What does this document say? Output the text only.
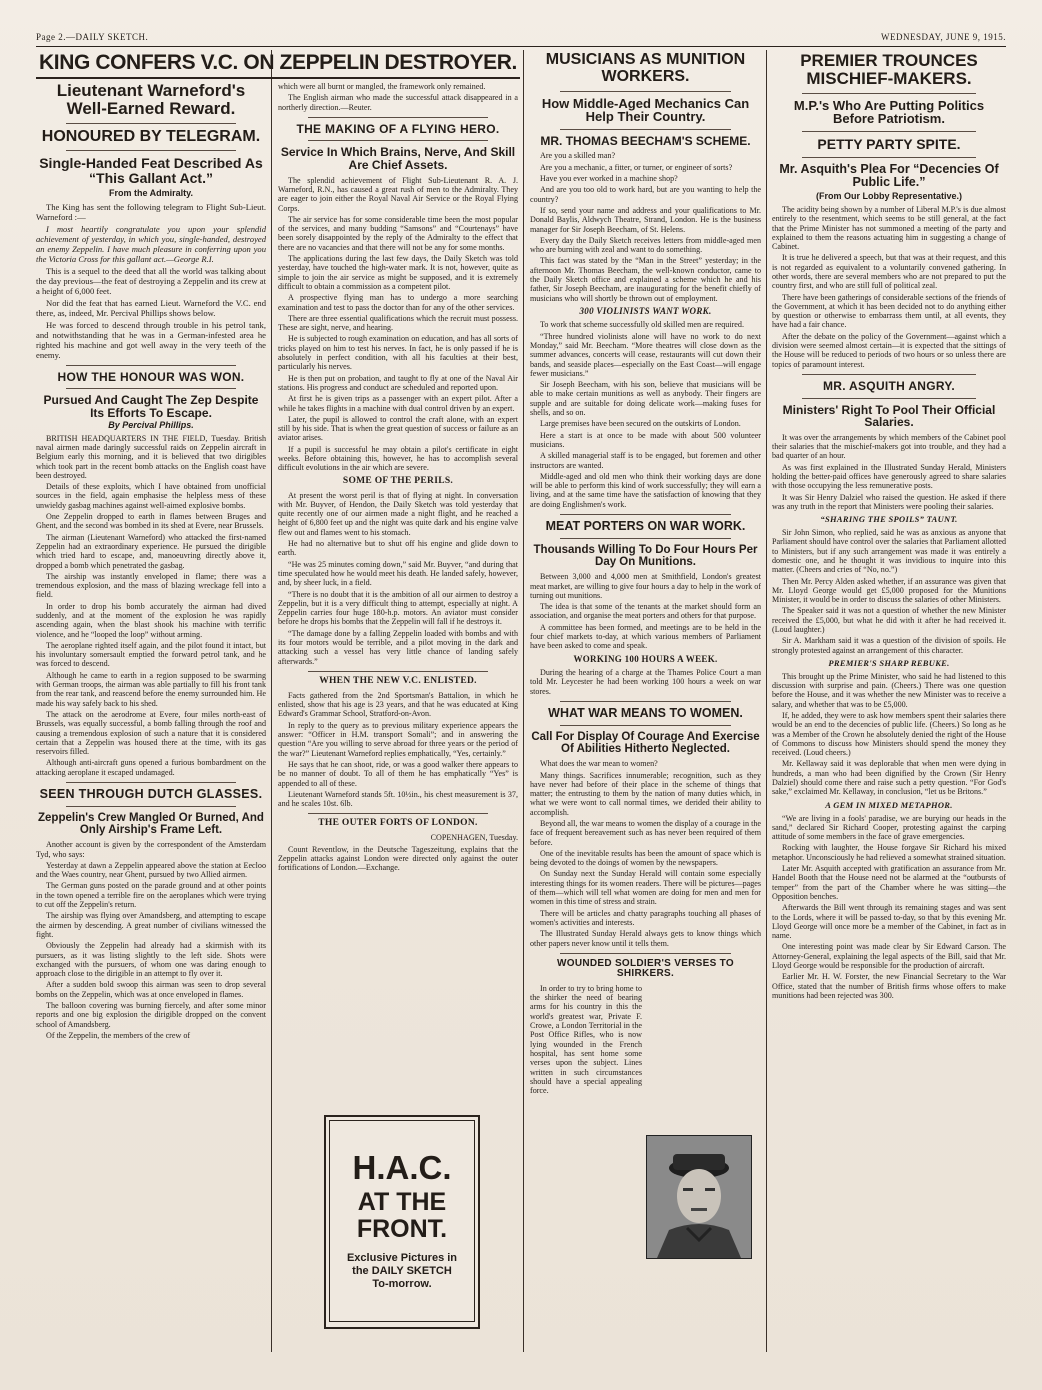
Page 2.—DAILY SKETCH.	WEDNESDAY, JUNE 9, 1915.
KING CONFERS V.C. ON ZEPPELIN DESTROYER.
Lieutenant Warneford's Well-Earned Reward.
HONOURED BY TELEGRAM.
Single-Handed Feat Described As “This Gallant Act.”
From the Admiralty.

The King has sent the following telegram to Flight Sub-Lieut. Warneford :—

I most heartily congratulate you upon your splendid achievement of yesterday, in which you, single-handed, destroyed an enemy Zeppelin. I have much pleasure in conferring upon you the Victoria Cross for this gallant act.—George R.I.

This is a sequel to the deed that all the world was talking about the day previous—the feat of destroying a Zeppelin and its crew at a height of 6,000 feet.

Nor did the feat that has earned Lieut. Warneford the V.C. end there, as, indeed, Mr. Percival Phillips shows below.

He was forced to descend through trouble in his petrol tank, and notwithstanding that he was in a German-infested area he righted his machine and got well away in the very teeth of the enemy.

HOW THE HONOUR WAS WON.
Pursued And Caught The Zep Despite Its Efforts To Escape.
By Percival Phillips.

BRITISH HEADQUARTERS IN THE FIELD, Tuesday. British naval airmen made daringly successful raids on Zeppelin aircraft in Belgium early this morning, and it is believed that two dirigibles which took part in the recent bomb attacks on the English coast have been destroyed.

Details of these exploits, which I have obtained from unofficial sources in the field, again emphasise the helpless mess of these unwieldy gasbag machines against well-aimed explosive bombs.

One Zeppelin dropped to earth in flames between Bruges and Ghent, and the second was bombed in its shed at Evere, near Brussels.

The airman (Lieutenant Warneford) who attacked the first-named Zeppelin had an extraordinary experience. He pursued the dirigible which tried hard to escape, and, manoeuvring directly above it, dropped a bomb which penetrated the gasbag.

The airship was instantly enveloped in flame; there was a tremendous explosion, and the mass of blazing wreckage fell into a field.

In order to drop his bomb accurately the airman had dived suddenly, and at the moment of the explosion he was rapidly ascending again, when the blast shook his machine with terrific violence, and he “looped the loop” without arming.

The aeroplane righted itself again, and the pilot found it intact, but his involuntary somersault emptied the forward petrol tank, and he was forced to descend.

Although he came to earth in a region supposed to be swarming with German troops, the airman was able partially to fill his front tank from the rear tank, and reascend before the enemy surrounded him. He made his way safely back to his shed.

The attack on the aerodrome at Evere, four miles north-east of Brussels, was equally successful, a bomb falling through the roof and causing a tremendous explosion of such a nature that it is considered certain that a Zeppelin was housed there at the time, with its gas reservoirs filled.

Although anti-aircraft guns opened a furious bombardment on the attacking aeroplane it escaped undamaged.

SEEN THROUGH DUTCH GLASSES.
Zeppelin's Crew Mangled Or Burned, And Only Airship's Frame Left.

Another account is given by the correspondent of the Amsterdam Tyd, who says:

Yesterday at dawn a Zeppelin appeared above the station at Eecloo and the Waes country, near Ghent, pursued by two Allied airmen.

The German guns posted on the parade ground and at other points in the town opened a terrible fire on the aeroplanes which were trying to cut off the Zeppelin's return.

The airship was flying over Amandsberg, and attempting to escape the airmen by descending. A great number of civilians witnessed the fight.

Obviously the Zeppelin had already had a skirmish with its pursuers, as it was listing slightly to the left side. Shots were exchanged with the pursuers, of whom one was daring enough to approach close to the dirigible in an attempt to fly over it.

After a sudden bold swoop this airman was seen to drop several bombs on the Zeppelin, which was at once enveloped in flames.

The balloon covering was burning fiercely, and after some minor reports and one big explosion the dirigible dropped on the convent school of Amandsberg.

Of the Zeppelin, the members of the crew of

which were all burnt or mangled, the framework only remained.

The English airman who made the successful attack disappeared in a northerly direction.—Reuter.

THE MAKING OF A FLYING HERO.
Service In Which Brains, Nerve, And Skill Are Chief Assets.

The splendid achievement of Flight Sub-Lieutenant R. A. J. Warneford, R.N., has caused a great rush of men to the Admiralty. They are eager to join either the Royal Naval Air Service or the Royal Flying Corps.

The air service has for some considerable time been the most popular of the services, and many budding “Samsons” and “Courtenays” have been sorely disappointed by the reply of the Admiralty to the effect that there are no vacancies and that there will not be any for some months.

The applications during the last few days, the Daily Sketch was told yesterday, have touched the high-water mark. It is not, however, quite as simple to join the air service as might be supposed, and it is extremely difficult to obtain a commission as a competent pilot.

A prospective flying man has to undergo a more searching examination and test to pass the doctor than for any of the other services.

There are three essential qualifications which the recruit must possess. These are sight, nerve, and hearing.

He is subjected to rough examination on education, and has all sorts of tricks played on him to test his nerves. In fact, he is only passed if he is absolutely in perfect condition, with all his faculties at their best, particularly his nerves.

He is then put on probation, and taught to fly at one of the Naval Air stations. His progress and conduct are scheduled and reported upon.

At first he is given trips as a passenger with an expert pilot. After a while he takes flights in a machine with dual control driven by an expert.

Later, the pupil is allowed to control the craft alone, with an expert still by his side. That is when the great question of success or failure as an aviator arises.

If a pupil is successful he may obtain a pilot's certificate in eight weeks. Before obtaining this, however, he has to accomplish several difficult evolutions in the air which are severe.

SOME OF THE PERILS.

At present the worst peril is that of flying at night. In conversation with Mr. Buyver, of Hendon, the Daily Sketch was told yesterday that quite recently one of our airmen made a night flight, and he reached a height of 6,800 feet up and the night was quite dark and his engine valve flew out and flames went to his stomach.

He had no alternative but to shut off his engine and glide down to earth.

“He was 25 minutes coming down,” said Mr. Buyver, “and during that time speculated how he would meet his death. He landed safely, however, and, by sheer luck, in a field.

“There is no doubt that it is the ambition of all our airmen to destroy a Zeppelin, but it is a very difficult thing to attempt, especially at night. A Zeppelin carries four huge 180-h.p. motors. An aviator must consider before he drops his bombs that the Zeppelin will fall if he destroys it.

“The damage done by a falling Zeppelin loaded with bombs and with its four motors would be terrible, and a pilot moving in the dark and attacking such a vessel has very little chance of landing safely afterwards.”

WHEN THE NEW V.C. ENLISTED.

Facts gathered from the 2nd Sportsman's Battalion, in which he enlisted, show that his age is 23 years, and that he was educated at King Edward's Grammar School, Stratford-on-Avon.

In reply to the query as to previous military experience appears the answer: “Officer in H.M. transport Somali”; and in answering the question “Are you willing to serve abroad for three years or the period of the war?” Lieutenant Warneford replies emphatically, “Yes, certainly.”

He says that he can shoot, ride, or was a good walker there appears to be no manner of doubt. To all of them he has emphatically “Yes” is appended to all of these.

Lieutenant Warneford stands 5ft. 10½in., his chest measurement is 37, and he scales 10st. 6lb.

THE OUTER FORTS OF LONDON.

COPENHAGEN, Tuesday.

Count Reventlow, in the Deutsche Tageszeitung, explains that the Zeppelin attacks against London were directed only against the outer fortifications of London.—Exchange.

H.A.C.
AT THE FRONT.
Exclusive Pictures in
the DAILY SKETCH
To-morrow.
MUSICIANS AS MUNITION WORKERS.
How Middle-Aged Mechanics Can Help Their Country.
MR. THOMAS BEECHAM'S SCHEME.

Are you a skilled man?

Are you a mechanic, a fitter, or turner, or engineer of sorts?

Have you ever worked in a machine shop?

And are you too old to work hard, but are you wanting to help the country?

If so, send your name and address and your qualifications to Mr. Donald Baylis, Aldwych Theatre, Strand, London. He is the business manager for Sir Joseph Beecham, of St. Helens.

Every day the Daily Sketch receives letters from middle-aged men who are burning with zeal and want to do something.

This fact was stated by the “Man in the Street” yesterday; in the afternoon Mr. Thomas Beecham, the well-known conductor, came to the Daily Sketch office and explained a scheme which he and his father, Sir Joseph Beecham, are inaugurating for the benefit chiefly of musicians who will shortly be thrown out of employment.

300 VIOLINISTS WANT WORK.

To work that scheme successfully old skilled men are required.

“Three hundred violinists alone will have no work to do next Monday,” said Mr. Beecham. “More theatres will close down as the summer advances, concerts will cease, restaurants will cut down their bands, and seaside places—especially on the East Coast—will engage fewer musicians.”

Sir Joseph Beecham, with his son, believe that musicians will be able to make certain munitions as well as anybody. Their fingers are supple and are suitable for doing delicate work—making fuses for shells, and so on.

Large premises have been secured on the outskirts of London.

Here a start is at once to be made with about 500 volunteer musicians.

A skilled managerial staff is to be engaged, but foremen and other instructors are wanted.

Middle-aged and old men who think their working days are done will be able to perform this kind of work successfully; they will earn a living, and at the same time have the satisfaction of knowing that they are doing Englishmen's work.

MEAT PORTERS ON WAR WORK.
Thousands Willing To Do Four Hours Per Day On Munitions.

Between 3,000 and 4,000 men at Smithfield, London's greatest meat market, are willing to give four hours a day to help in the work of turning out munitions.

The idea is that some of the tenants at the market should form an association, and organise the meat porters and others for that purpose.

A committee has been formed, and meetings are to be held in the four chief markets to-day, at which various members of Parliament have been asked to come and speak.

WORKING 100 HOURS A WEEK.

During the hearing of a charge at the Thames Police Court a man told Mr. Leycester he had been working 100 hours a week on war stores.

WHAT WAR MEANS TO WOMEN.
Call For Display Of Courage And Exercise Of Abilities Hitherto Neglected.

What does the war mean to women?

Many things. Sacrifices innumerable; recognition, such as they have never had before of their place in the scheme of things that matter; the entrusting to them by the nation of many duties which, in what we were wont to call normal times, we derided their ability to accomplish.

Beyond all, the war means to women the display of a courage in the face of frequent bereavement such as has never been required of them before.

One of the inevitable results has been the amount of space which is being devoted to the doings of women by the newspapers.

On Sunday next the Sunday Herald will contain some especially interesting things for its women readers. There will be pictures—pages of them—which will tell what women are doing for men and men for women in this time of stress and strain.

There will be articles and chatty paragraphs touching all phases of women's activities and interests.

The Illustrated Sunday Herald always gets to know things which other papers never know until it tells them.

WOUNDED SOLDIER'S VERSES TO SHIRKERS.

In order to try to bring home to the shirker the need of bearing arms for his country in this the world's greatest war, Private F. Crowe, a London Territorial in the Post Office Rifles, who is now lying wounded in the French hospital, has sent home some verses upon the subject. Lines written in such circumstances should have a special appealing force.

PREMIER TROUNCES MISCHIEF-MAKERS.
M.P.'s Who Are Putting Politics Before Patriotism.
PETTY PARTY SPITE.
Mr. Asquith's Plea For “Decencies Of Public Life.”
(From Our Lobby Representative.)

The acidity being shown by a number of Liberal M.P.'s is due almost entirely to the resentment, which seems to be still general, at the fact that the Prime Minister has not summoned a meeting of the party and explained to them the reasons actuating him in suggesting a change of Cabinet.

It is true he delivered a speech, but that was at their request, and this is not regarded as equivalent to a voluntarily convened gathering. In other words, there are several members who are not prepared to put the country first, and who are still full of political zeal.

There have been gatherings of considerable sections of the friends of the Government, at which it has been decided not to do anything either by question or otherwise to embarrass them until, at all events, they have had a fair chance.

After the debate on the policy of the Government—against which a division were seemed almost certain—it is expected that the sittings of the House will be reduced to periods of two hours or so unless there are topics of paramount interest.

MR. ASQUITH ANGRY.
Ministers' Right To Pool Their Official Salaries.

It was over the arrangements by which members of the Cabinet pool their salaries that the mischief-makers got into trouble, and they had a bad quarter of an hour.

As was first explained in the Illustrated Sunday Herald, Ministers holding the better-paid offices have generously agreed to share salaries with those occupying the less remunerative posts.

It was Sir Henry Dalziel who raised the question. He asked if there was any truth in the report that Ministers were pooling their salaries.

“SHARING THE SPOILS” TAUNT.

Sir John Simon, who replied, said he was as anxious as anyone that Parliament should have control over the salaries that Parliament allotted to Ministers, but if any such arrangement was made it was entirely a domestic one, and he thought it was invidious to inquire into this matter. (Cheers and cries of “No, no.”)

Then Mr. Percy Alden asked whether, if an assurance was given that Mr. Lloyd George would get £5,000 proposed for the Munitions Minister, it would be in order to discuss the salaries of other Ministers.

The Speaker said it was not a question of whether the new Minister received the £5,000, but what he did with it after he had received it. (Loud laughter.)

Sir A. Markham said it was a question of the division of spoils. He strongly protested against an arrangement of this character.

PREMIER'S SHARP REBUKE.

This brought up the Prime Minister, who said he had listened to this discussion with surprise and pain. (Cheers.) There was one question before the House, and it was whether the new Minister was to receive a salary, and whether that was to be £5,000.

If, he added, they were to ask how members spent their salaries there would be an end to the decencies of public life. (Cheers.) So long as he was a Member of the Crown he absolutely denied the right of the House of Commons to discuss how Ministers should spend the money they received. (Loud cheers.)

Mr. Kellaway said it was deplorable that when men were dying in hundreds, a man who had been dignified by the Crown (Sir Henry Dalziel) should come there and raise such a petty question. “For God's sake,” exclaimed Mr. Kellaway, in conclusion, “let us be Britons.”

A GEM IN MIXED METAPHOR.

“We are living in a fools' paradise, we are burying our heads in the sand,” declared Sir Richard Cooper, protesting against the carping attitude of some members in the face of grave emergencies.

Rocking with laughter, the House forgave Sir Richard his mixed metaphor. Unconsciously he had relieved a somewhat strained situation.

Later Mr. Asquith accepted with gratification an assurance from Mr. Handel Booth that the House need not be alarmed at the “outbursts of temper” from the part of the Chamber where he was sitting—the Opposition benches.

Afterwards the Bill went through its remaining stages and was sent to the Lords, where it will be passed to-day, so that by this evening Mr. Lloyd George will once more be a member of the Cabinet, in fact as in name.

One interesting point was made clear by Sir Edward Carson. The Attorney-General, explaining the legal aspects of the Bill, said that Mr. Lloyd George would be responsible for the production of aircraft.

Earlier Mr. H. W. Forster, the new Financial Secretary to the War Office, stated that the number of British firms whose offers to make munitions had been rejected was 300.
